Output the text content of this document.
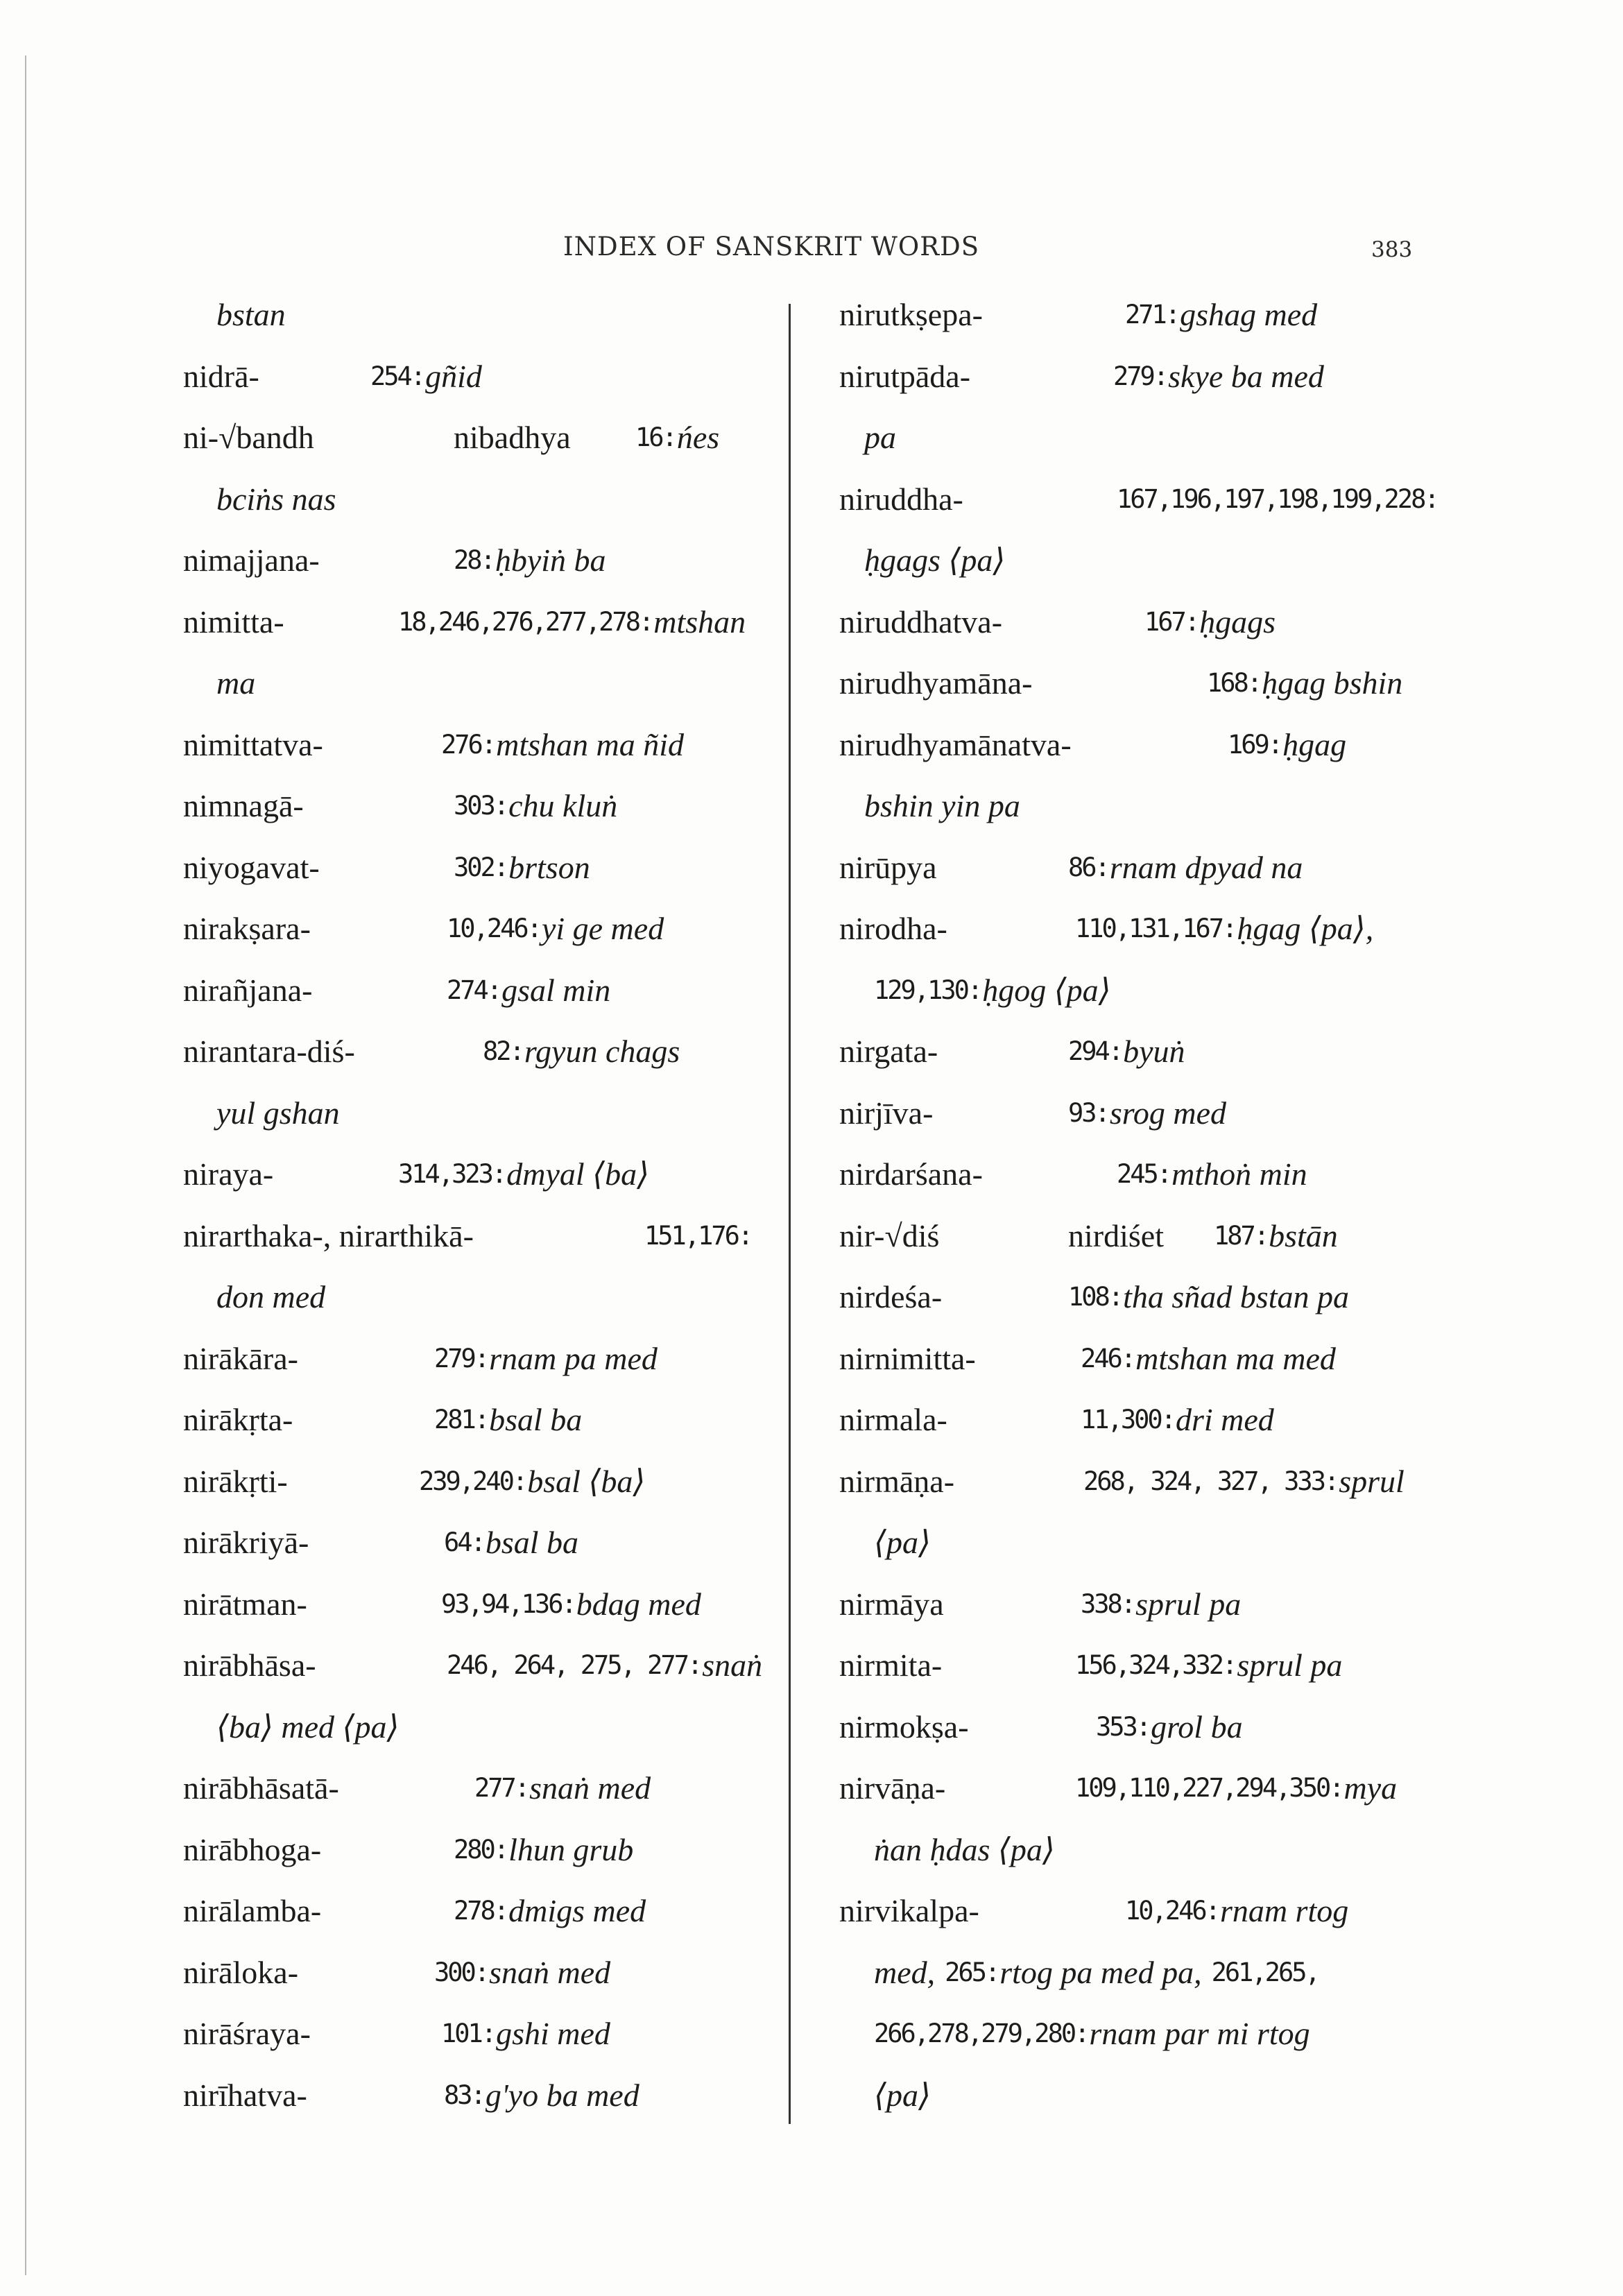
INDEX OF SANSKRIT WORDS	383
bstan
nidrā-	254: gñid
ni-√bandh	nibadhya	16: ńes
bciṅs nas
nimajjana-	28: ḥbyiṅ ba
nimitta-	18,246,276,277,278: mtshan
ma
nimittatva-	276: mtshan ma ñid
nimnagā-	303: chu kluṅ
niyogavat-	302: brtson
nirakṣara-	10,246: yi ge med
nirañjana-	274: gsal min
nirantara-diś-	82: rgyun chags
yul gshan
niraya-	314,323: dmyal ⟨ba⟩
nirarthaka-, nirarthikā-	151,176:
don med
nirākāra-	279: rnam pa med
nirākṛta-	281: bsal ba
nirākṛti-	239,240: bsal ⟨ba⟩
nirākriyā-	64: bsal ba
nirātman-	93,94,136: bdag med
nirābhāsa-	246, 264, 275, 277: snaṅ
⟨ba⟩ med ⟨pa⟩
nirābhāsatā-	277: snaṅ med
nirābhoga-	280: lhun grub
nirālamba-	278: dmigs med
nirāloka-	300: snaṅ med
nirāśraya-	101: gshi med
nirīhatva-	83: g'yo ba med
nirutkṣepa-	271: gshag med
nirutpāda-	279: skye ba med
pa
niruddha-	167,196,197,198,199,228:
ḥgags ⟨pa⟩
niruddhatva-	167: ḥgags
nirudhyamāna-	168: ḥgag bshin
nirudhyamānatva-	169: ḥgag
bshin yin pa
nirūpya	86: rnam dpyad na
nirodha-	110,131,167: ḥgag ⟨pa⟩,
129,130: ḥgog ⟨pa⟩
nirgata-	294: byuṅ
nirjīva-	93: srog med
nirdarśana-	245: mthoṅ min
nir-√diś	nirdiśet 187: bstān
nirdeśa-	108: tha sñad bstan pa
nirnimitta-	246: mtshan ma med
nirmala-	11,300: dri med
nirmāṇa-	268, 324, 327, 333: sprul
⟨pa⟩
nirmāya	338: sprul pa
nirmita-	156,324,332: sprul pa
nirmokṣa-	353: grol ba
nirvāṇa-	109,110,227,294,350: mya
ṅan ḥdas ⟨pa⟩
nirvikalpa-	10,246: rnam rtog
med, 265: rtog pa med pa, 261,265,
266,278,279,280: rnam par mi rtog
⟨pa⟩
